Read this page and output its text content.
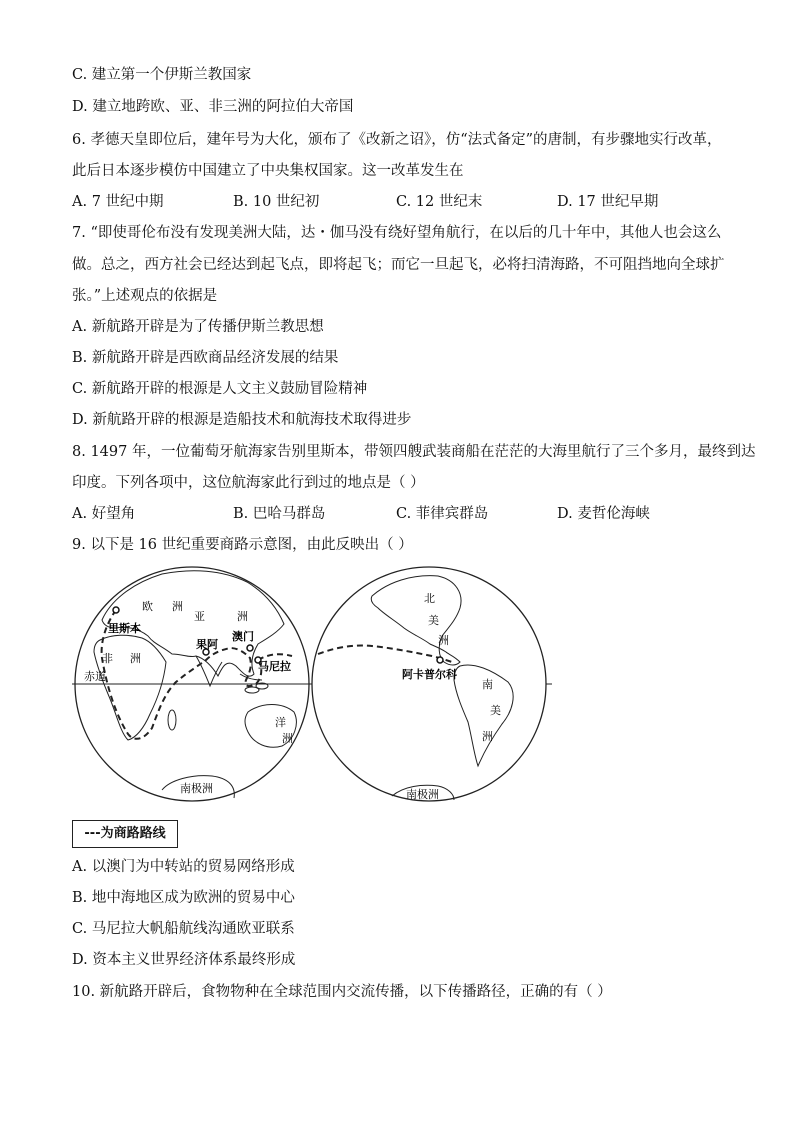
C. 建立第一个伊斯兰教国家
D. 建立地跨欧、亚、非三洲的阿拉伯大帝国
6. 孝德天皇即位后，建年号为大化，颁布了《改新之诏》，仿“法式备定”的唐制，有步骤地实行改革，
此后日本逐步模仿中国建立了中央集权国家。这一改革发生在
A. 7 世纪中期	B. 10 世纪初	C. 12 世纪末	D. 17 世纪早期
7. “即使哥伦布没有发现美洲大陆，达・伽马没有绕好望角航行，在以后的几十年中，其他人也会这么
做。总之，西方社会已经达到起飞点，即将起飞；而它一旦起飞，必将扫清海路，不可阻挡地向全球扩
张。”上述观点的依据是
A. 新航路开辟是为了传播伊斯兰教思想
B. 新航路开辟是西欧商品经济发展的结果
C. 新航路开辟的根源是人文主义鼓励冒险精神
D. 新航路开辟的根源是造船技术和航海技术取得进步
8. 1497 年，一位葡萄牙航海家告别里斯本，带领四艘武装商船在茫茫的大海里航行了三个多月，最终到达
印度。下列各项中，这位航海家此行到过的地点是（ ）
A. 好望角	B. 巴哈马群岛	C. 菲律宾群岛	D. 麦哲伦海峡
9. 以下是 16 世纪重要商路示意图，由此反映出（ ）
欧 洲
亚	洲
非 洲
里斯本
果阿
澳门
马尼拉
赤道
洋
洲
南极洲
北
美
洲
阿卡普尔科
南
美
洲
南极洲
---为商路路线
A. 以澳门为中转站的贸易网络形成
B. 地中海地区成为欧洲的贸易中心
C. 马尼拉大帆船航线沟通欧亚联系
D. 资本主义世界经济体系最终形成
10. 新航路开辟后，食物物种在全球范围内交流传播，以下传播路径，正确的有（ ）
